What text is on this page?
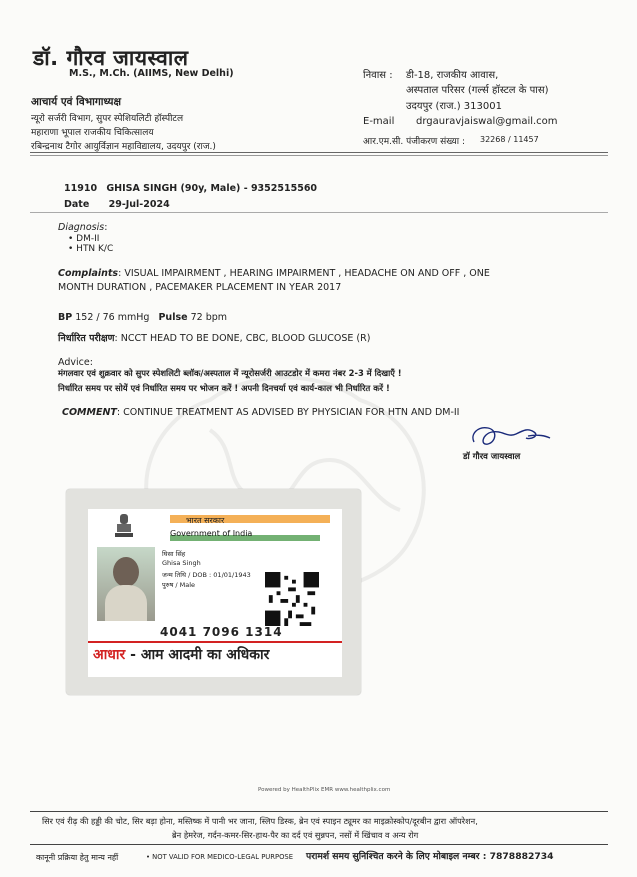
डॉ. गौरव जायस्वाल
M.S., M.Ch. (AIIMS, New Delhi)
आचार्य एवं विभागाध्यक्ष
न्यूरो सर्जरी विभाग, सुपर स्पेशियलिटी हॉस्पीटल
महाराणा भूपाल राजकीय चिकित्सालय
रबिन्द्रनाथ टैगोर आयुर्विज्ञान महाविद्यालय, उदयपुर (राज.)
निवास : डी-18, राजकीय आवास,
अस्पताल परिसर (गर्ल्स हॉस्टल के पास)
उदयपुर (राज.) 313001
E-mail drgauravjaiswal@gmail.com
आर.एम.सी. पंजीकरण संख्या : 32268 / 11457
11910 GHISA SINGH (90y, Male) - 9352515560
Date 29-Jul-2024
Diagnosis:
• DM-II
• HTN K/C
Complaints: VISUAL IMPAIRMENT , HEARING IMPAIRMENT , HEADACHE ON AND OFF , ONE
MONTH DURATION , PACEMAKER PLACEMENT IN YEAR 2017
BP 152 / 76 mmHg Pulse 72 bpm
निर्धारित परीक्षण: NCCT HEAD TO BE DONE, CBC, BLOOD GLUCOSE (R)
Advice:
मंगलवार एवं शुक्रवार को सुपर स्पेशलिटी ब्लॉक/अस्पताल में न्यूरोसर्जरी आउटडोर में कमरा नंबर 2-3 में दिखाएँ !
निर्धारित समय पर सोयें एवं निर्धारित समय पर भोजन करें ! अपनी दिनचर्या एवं कार्य-काल भी निर्धारित करें !
COMMENT: CONTINUE TREATMENT AS ADVISED BY PHYSICIAN FOR HTN AND DM-II
डॉ गौरव जायस्वाल
भारत सरकार
Government of India
घिसा सिंह
Ghisa Singh
जन्म तिथि / DOB : 01/01/1943
पुरुष / Male
4041 7096 1314
आधार - आम आदमी का अधिकार
Powered by HealthPlix EMR www.healthplix.com
सिर एवं रीढ़ की हड्डी की चोट, सिर बड़ा होना, मस्तिष्क में पानी भर जाना, स्लिप डिस्क, ब्रेन एवं स्पाइन ट्यूमर का माइक्रोस्कोप/दूरबीन द्वारा ऑपरेशन,
ब्रेन हेमरेज, गर्दन-कमर-सिर-हाथ-पैर का दर्द एवं सुन्नपन, नसों में खिंचाव व अन्य रोग
कानूनी प्रक्रिया हेतु मान्य नहीं	• NOT VALID FOR MEDICO-LEGAL PURPOSE परामर्श समय सुनिश्चित करने के लिए मोबाइल नम्बर : 7878882734
